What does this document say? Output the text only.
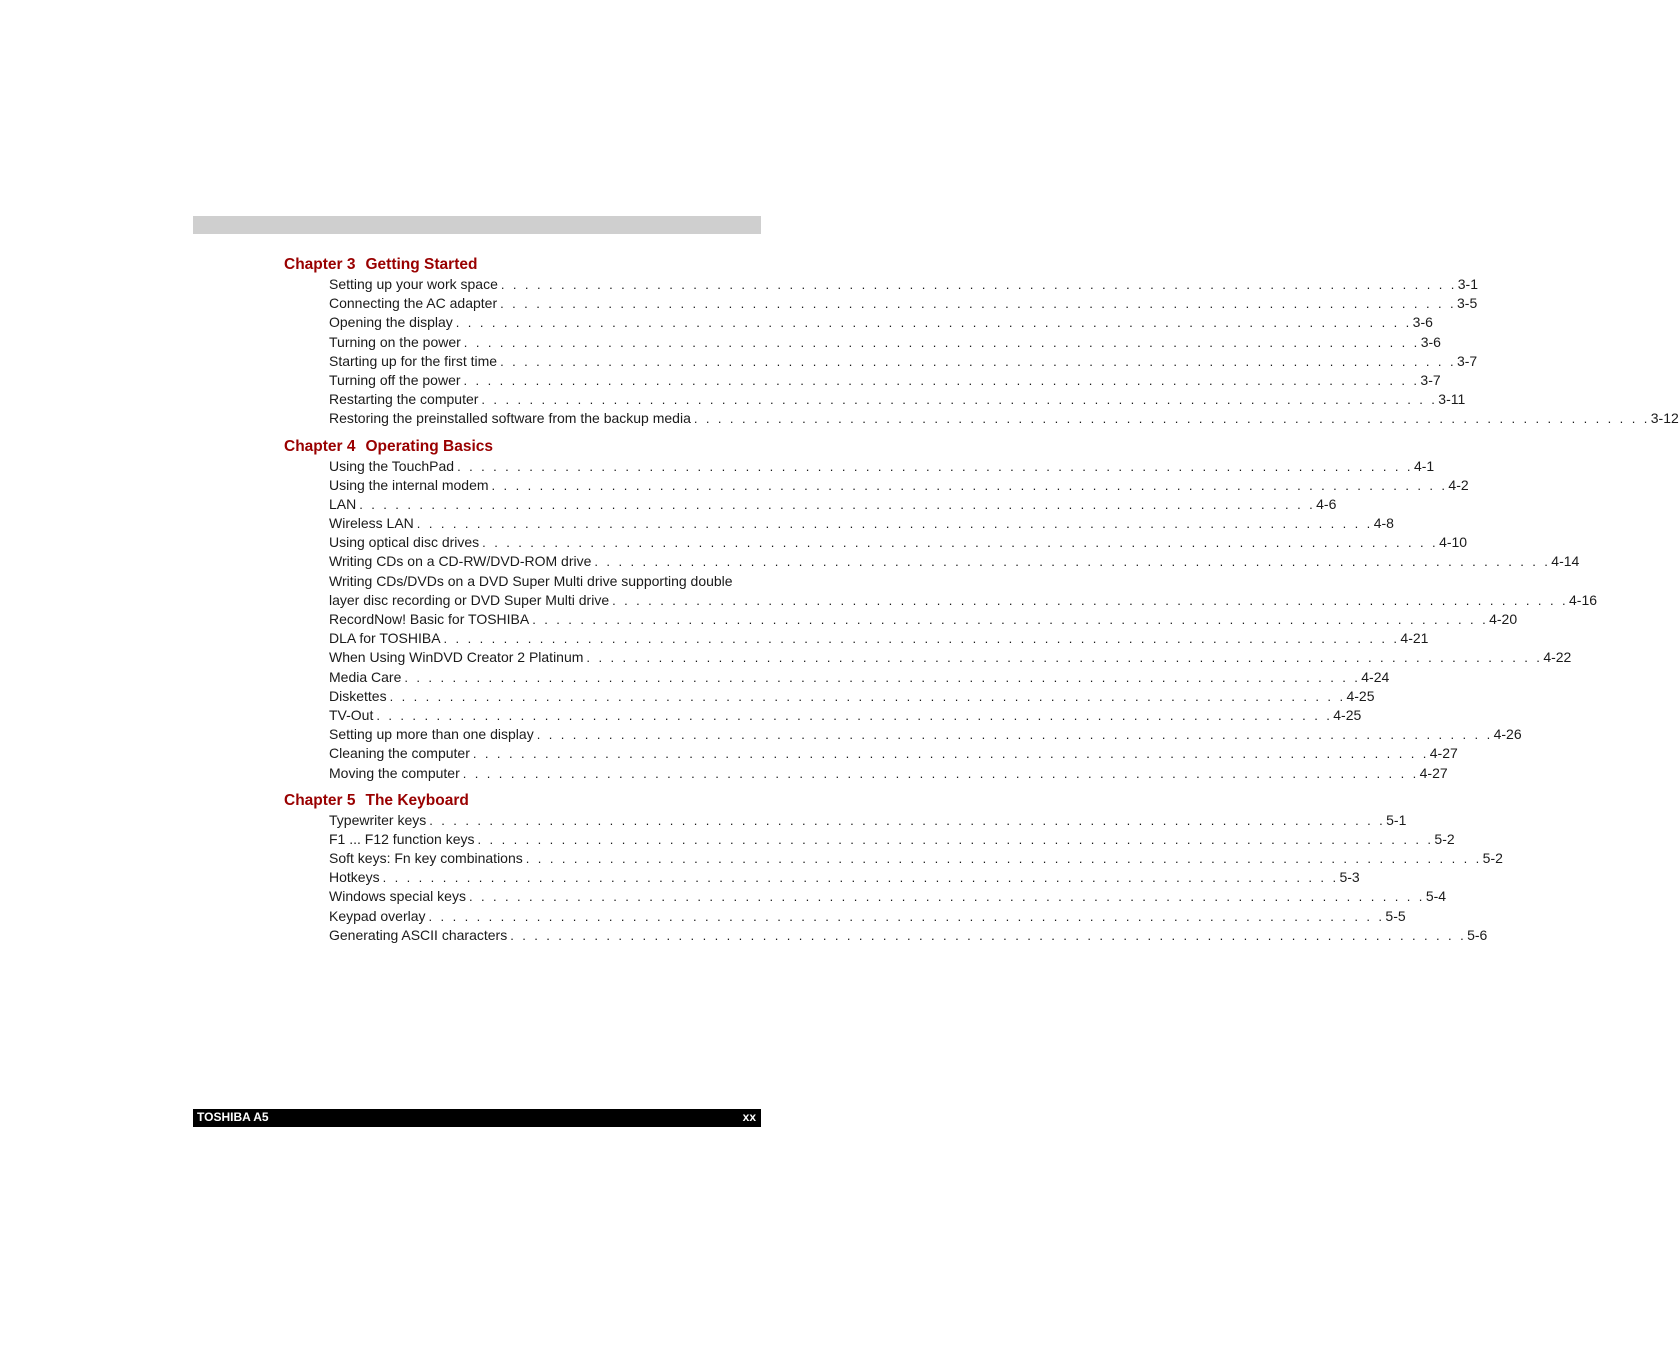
Chapter 3 Getting Started
Setting up your work space . . . . . . . . . . . . . . . . . . . . . . . . . . . . . . . . . . . . . . . . . . . . . . . . . . . . . . . . . . . . . . . . . . . . . . . . . . . . . . . . 3-1
Connecting the AC adapter . . . . . . . . . . . . . . . . . . . . . . . . . . . . . . . . . . . . . . . . . . . . . . . . . . . . . . . . . . . . . . . . . . . . . . . . . . . . . . . . 3-5
Opening the display . . . . . . . . . . . . . . . . . . . . . . . . . . . . . . . . . . . . . . . . . . . . . . . . . . . . . . . . . . . . . . . . . . . . . . . . . . . . . . . . 3-6
Turning on the power . . . . . . . . . . . . . . . . . . . . . . . . . . . . . . . . . . . . . . . . . . . . . . . . . . . . . . . . . . . . . . . . . . . . . . . . . . . . . . . . 3-6
Starting up for the first time . . . . . . . . . . . . . . . . . . . . . . . . . . . . . . . . . . . . . . . . . . . . . . . . . . . . . . . . . . . . . . . . . . . . . . . . . . . . . . . . 3-7
Turning off the power . . . . . . . . . . . . . . . . . . . . . . . . . . . . . . . . . . . . . . . . . . . . . . . . . . . . . . . . . . . . . . . . . . . . . . . . . . . . . . . . 3-7
Restarting the computer . . . . . . . . . . . . . . . . . . . . . . . . . . . . . . . . . . . . . . . . . . . . . . . . . . . . . . . . . . . . . . . . . . . . . . . . . . . . . . . . 3-11
Restoring the preinstalled software from the backup media . . . . . . . . . . . . . . . . . . . . . . . . . . . . . . . . . . . . . . . . . . . . . . . . . . . . . . . . . . . . . . . . . . . . . . . . . . . . . . . . 3-12
Chapter 4 Operating Basics
Using the TouchPad . . . . . . . . . . . . . . . . . . . . . . . . . . . . . . . . . . . . . . . . . . . . . . . . . . . . . . . . . . . . . . . . . . . . . . . . . . . . . . . . 4-1
Using the internal modem . . . . . . . . . . . . . . . . . . . . . . . . . . . . . . . . . . . . . . . . . . . . . . . . . . . . . . . . . . . . . . . . . . . . . . . . . . . . . . . . 4-2
LAN . . . . . . . . . . . . . . . . . . . . . . . . . . . . . . . . . . . . . . . . . . . . . . . . . . . . . . . . . . . . . . . . . . . . . . . . . . . . . . . . 4-6
Wireless LAN . . . . . . . . . . . . . . . . . . . . . . . . . . . . . . . . . . . . . . . . . . . . . . . . . . . . . . . . . . . . . . . . . . . . . . . . . . . . . . . . 4-8
Using optical disc drives . . . . . . . . . . . . . . . . . . . . . . . . . . . . . . . . . . . . . . . . . . . . . . . . . . . . . . . . . . . . . . . . . . . . . . . . . . . . . . . . 4-10
Writing CDs on a CD-RW/DVD-ROM drive . . . . . . . . . . . . . . . . . . . . . . . . . . . . . . . . . . . . . . . . . . . . . . . . . . . . . . . . . . . . . . . . . . . . . . . . . . . . . . . . 4-14
Writing CDs/DVDs on a DVD Super Multi drive supporting double
layer disc recording or DVD Super Multi drive . . . . . . . . . . . . . . . . . . . . . . . . . . . . . . . . . . . . . . . . . . . . . . . . . . . . . . . . . . . . . . . . . . . . . . . . . . . . . . . . 4-16
RecordNow! Basic for TOSHIBA . . . . . . . . . . . . . . . . . . . . . . . . . . . . . . . . . . . . . . . . . . . . . . . . . . . . . . . . . . . . . . . . . . . . . . . . . . . . . . . . 4-20
DLA for TOSHIBA . . . . . . . . . . . . . . . . . . . . . . . . . . . . . . . . . . . . . . . . . . . . . . . . . . . . . . . . . . . . . . . . . . . . . . . . . . . . . . . . 4-21
When Using WinDVD Creator 2 Platinum . . . . . . . . . . . . . . . . . . . . . . . . . . . . . . . . . . . . . . . . . . . . . . . . . . . . . . . . . . . . . . . . . . . . . . . . . . . . . . . . 4-22
Media Care . . . . . . . . . . . . . . . . . . . . . . . . . . . . . . . . . . . . . . . . . . . . . . . . . . . . . . . . . . . . . . . . . . . . . . . . . . . . . . . . 4-24
Diskettes . . . . . . . . . . . . . . . . . . . . . . . . . . . . . . . . . . . . . . . . . . . . . . . . . . . . . . . . . . . . . . . . . . . . . . . . . . . . . . . . 4-25
TV-Out . . . . . . . . . . . . . . . . . . . . . . . . . . . . . . . . . . . . . . . . . . . . . . . . . . . . . . . . . . . . . . . . . . . . . . . . . . . . . . . . 4-25
Setting up more than one display . . . . . . . . . . . . . . . . . . . . . . . . . . . . . . . . . . . . . . . . . . . . . . . . . . . . . . . . . . . . . . . . . . . . . . . . . . . . . . . . 4-26
Cleaning the computer . . . . . . . . . . . . . . . . . . . . . . . . . . . . . . . . . . . . . . . . . . . . . . . . . . . . . . . . . . . . . . . . . . . . . . . . . . . . . . . . 4-27
Moving the computer . . . . . . . . . . . . . . . . . . . . . . . . . . . . . . . . . . . . . . . . . . . . . . . . . . . . . . . . . . . . . . . . . . . . . . . . . . . . . . . . 4-27
Chapter 5 The Keyboard
Typewriter keys . . . . . . . . . . . . . . . . . . . . . . . . . . . . . . . . . . . . . . . . . . . . . . . . . . . . . . . . . . . . . . . . . . . . . . . . . . . . . . . . 5-1
F1 ... F12 function keys . . . . . . . . . . . . . . . . . . . . . . . . . . . . . . . . . . . . . . . . . . . . . . . . . . . . . . . . . . . . . . . . . . . . . . . . . . . . . . . . 5-2
Soft keys: Fn key combinations . . . . . . . . . . . . . . . . . . . . . . . . . . . . . . . . . . . . . . . . . . . . . . . . . . . . . . . . . . . . . . . . . . . . . . . . . . . . . . . . 5-2
Hotkeys . . . . . . . . . . . . . . . . . . . . . . . . . . . . . . . . . . . . . . . . . . . . . . . . . . . . . . . . . . . . . . . . . . . . . . . . . . . . . . . . 5-3
Windows special keys . . . . . . . . . . . . . . . . . . . . . . . . . . . . . . . . . . . . . . . . . . . . . . . . . . . . . . . . . . . . . . . . . . . . . . . . . . . . . . . . 5-4
Keypad overlay . . . . . . . . . . . . . . . . . . . . . . . . . . . . . . . . . . . . . . . . . . . . . . . . . . . . . . . . . . . . . . . . . . . . . . . . . . . . . . . . 5-5
Generating ASCII characters . . . . . . . . . . . . . . . . . . . . . . . . . . . . . . . . . . . . . . . . . . . . . . . . . . . . . . . . . . . . . . . . . . . . . . . . . . . . . . . . 5-6
TOSHIBA A5	xx
